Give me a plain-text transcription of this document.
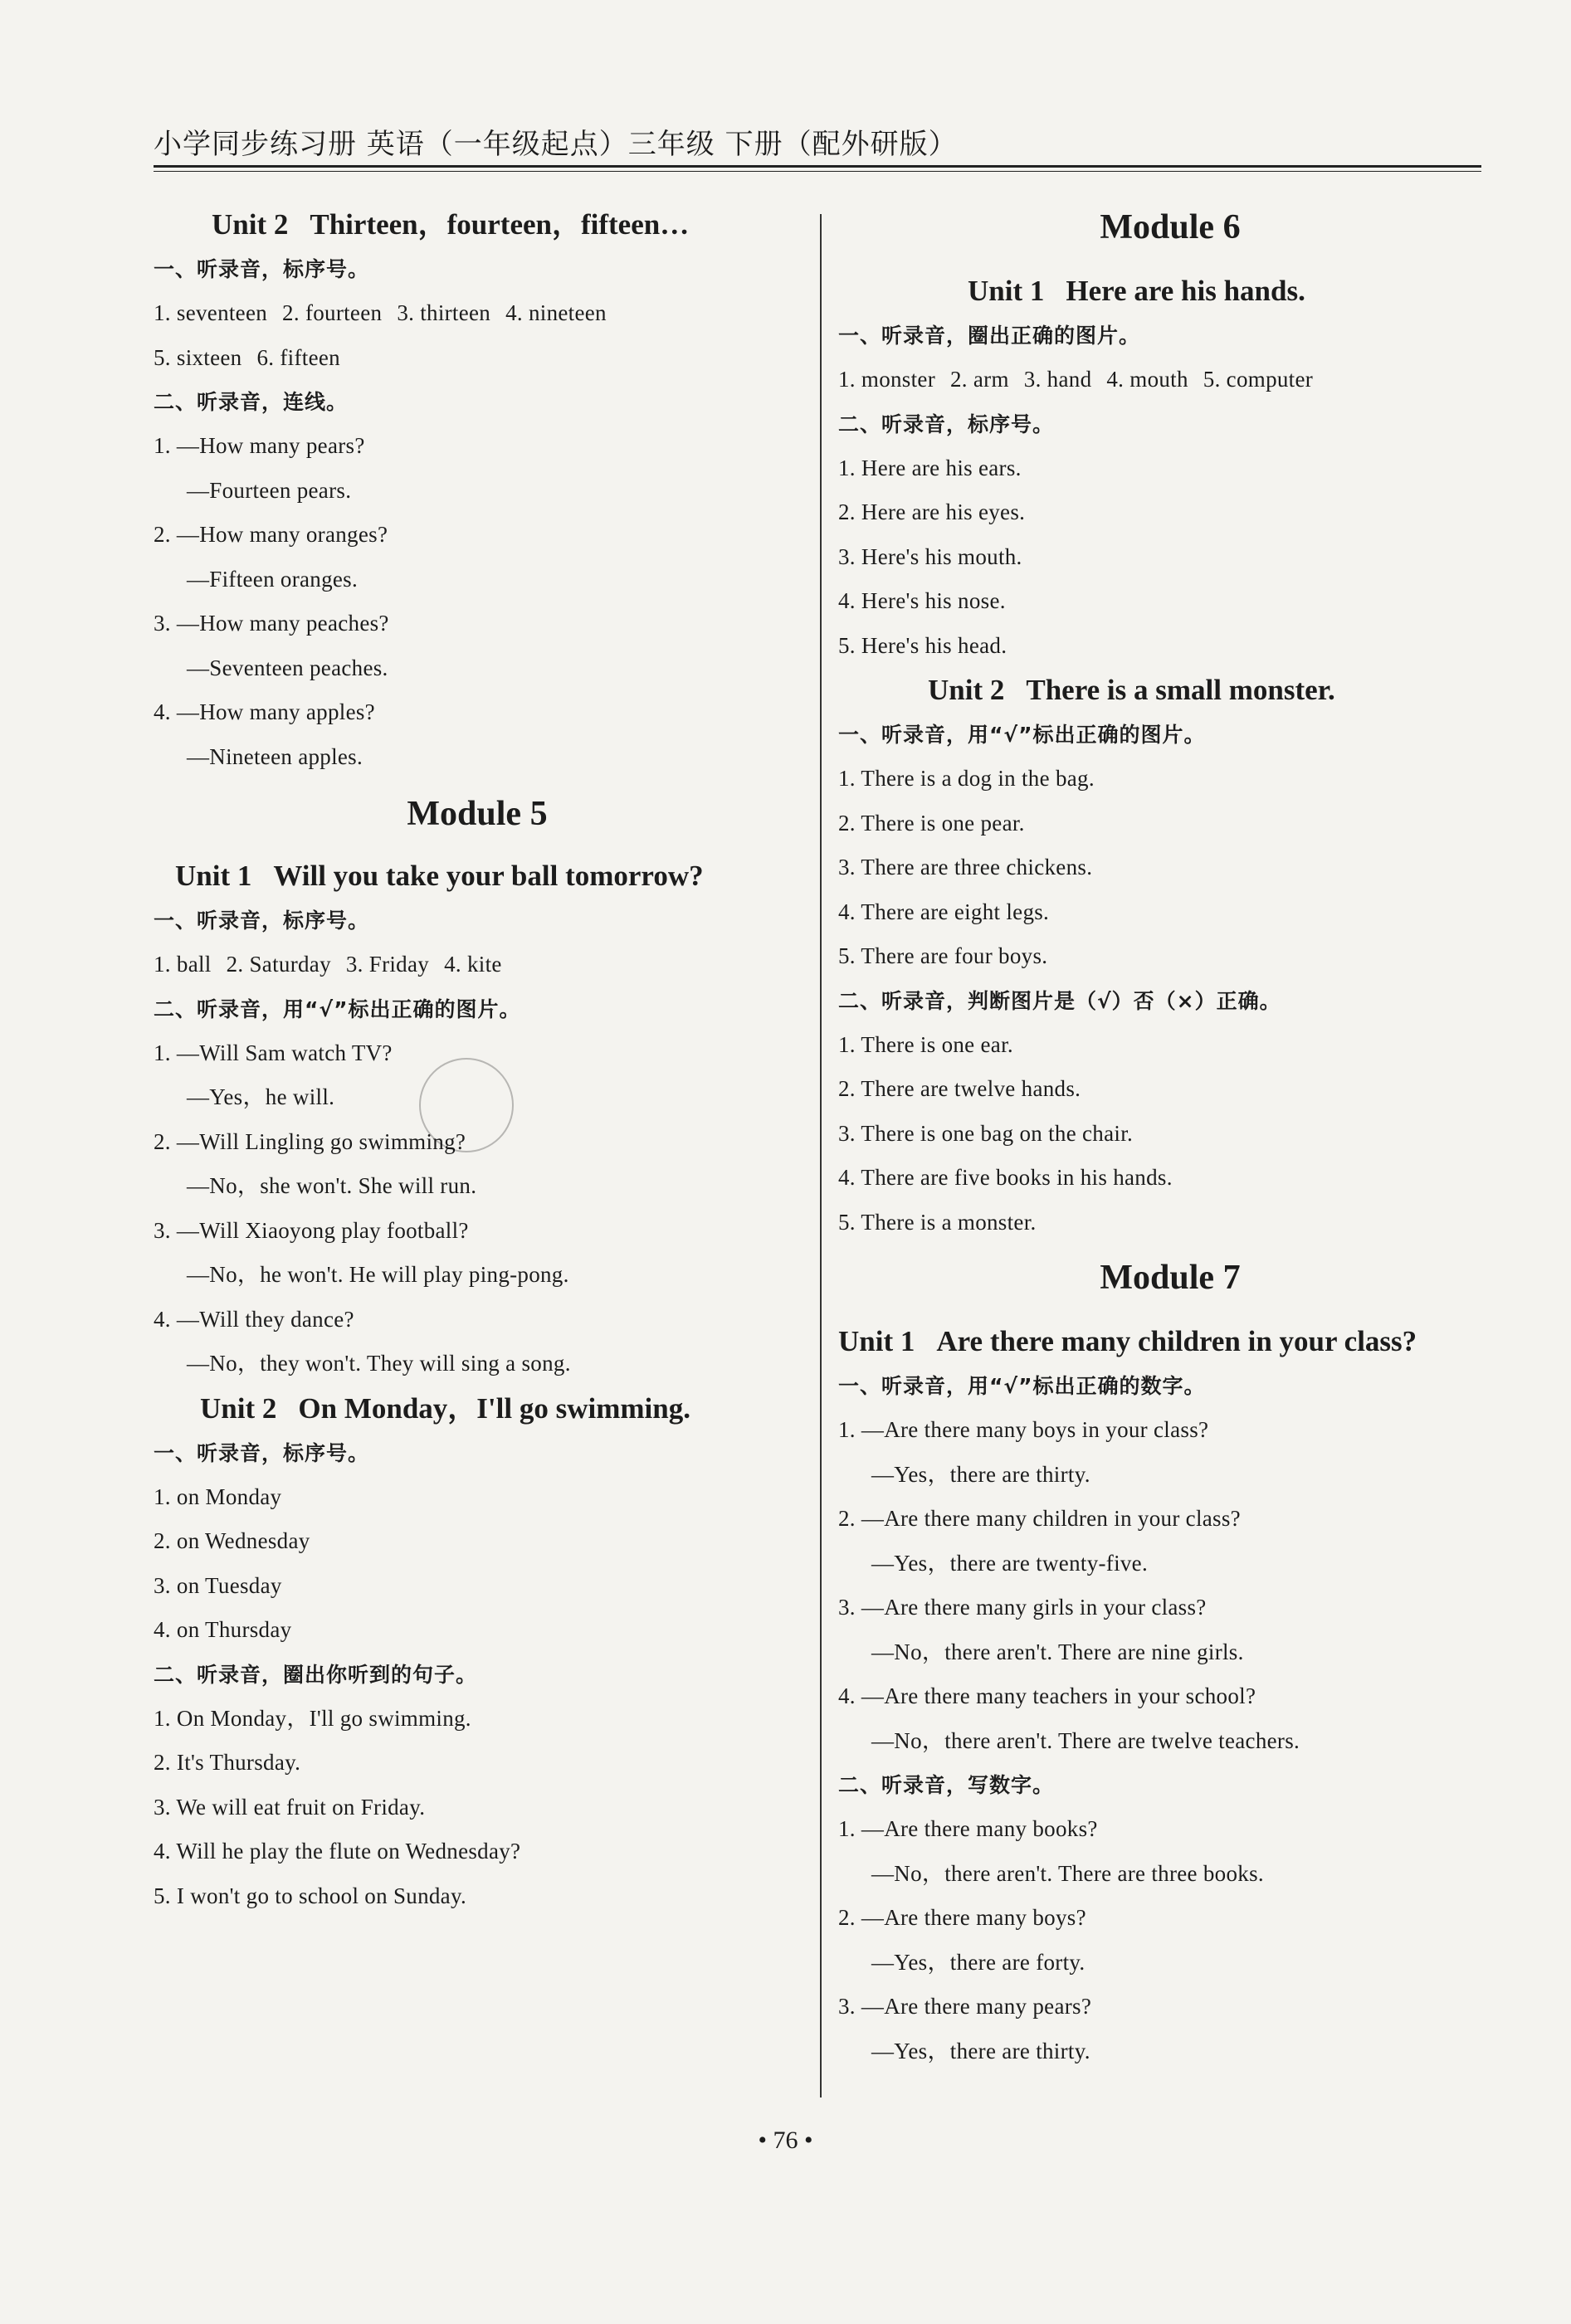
小学同步练习册 英语（一年级起点）三年级 下册（配外研版）

Unit 2 Thirteen，fourteen，fifteen…

一、听录音，标序号。

1. seventeen 2. fourteen 3. thirteen 4. nineteen

5. sixteen 6. fifteen

二、听录音，连线。

1. —How many pears?

—Fourteen pears.

2. —How many oranges?

—Fifteen oranges.

3. —How many peaches?

—Seventeen peaches.

4. —How many apples?

—Nineteen apples.

Module 5

Unit 1 Will you take your ball tomorrow?

一、听录音，标序号。

1. ball 2. Saturday 3. Friday 4. kite

二、听录音，用“√”标出正确的图片。

1. —Will Sam watch TV?

—Yes，he will.

2. —Will Lingling go swimming?

—No，she won't. She will run.

3. —Will Xiaoyong play football?

—No，he won't. He will play ping-pong.

4. —Will they dance?

—No，they won't. They will sing a song.

Unit 2 On Monday，I'll go swimming.

一、听录音，标序号。

1. on Monday

2. on Wednesday

3. on Tuesday

4. on Thursday

二、听录音，圈出你听到的句子。

1. On Monday，I'll go swimming.

2. It's Thursday.

3. We will eat fruit on Friday.

4. Will he play the flute on Wednesday?

5. I won't go to school on Sunday.

Module 6

Unit 1 Here are his hands.

一、听录音，圈出正确的图片。

1. monster 2. arm 3. hand 4. mouth 5. computer

二、听录音，标序号。

1. Here are his ears.

2. Here are his eyes.

3. Here's his mouth.

4. Here's his nose.

5. Here's his head.

Unit 2 There is a small monster.

一、听录音，用“√”标出正确的图片。

1. There is a dog in the bag.

2. There is one pear.

3. There are three chickens.

4. There are eight legs.

5. There are four boys.

二、听录音，判断图片是（√）否（×）正确。

1. There is one ear.

2. There are twelve hands.

3. There is one bag on the chair.

4. There are five books in his hands.

5. There is a monster.

Module 7

Unit 1 Are there many children in your class?

一、听录音，用“√”标出正确的数字。

1. —Are there many boys in your class?

—Yes，there are thirty.

2. —Are there many children in your class?

—Yes，there are twenty-five.

3. —Are there many girls in your class?

—No，there aren't. There are nine girls.

4. —Are there many teachers in your school?

—No，there aren't. There are twelve teachers.

二、听录音，写数字。

1. —Are there many books?

—No，there aren't. There are three books.

2. —Are there many boys?

—Yes，there are forty.

3. —Are there many pears?

—Yes，there are thirty.

• 76 •
